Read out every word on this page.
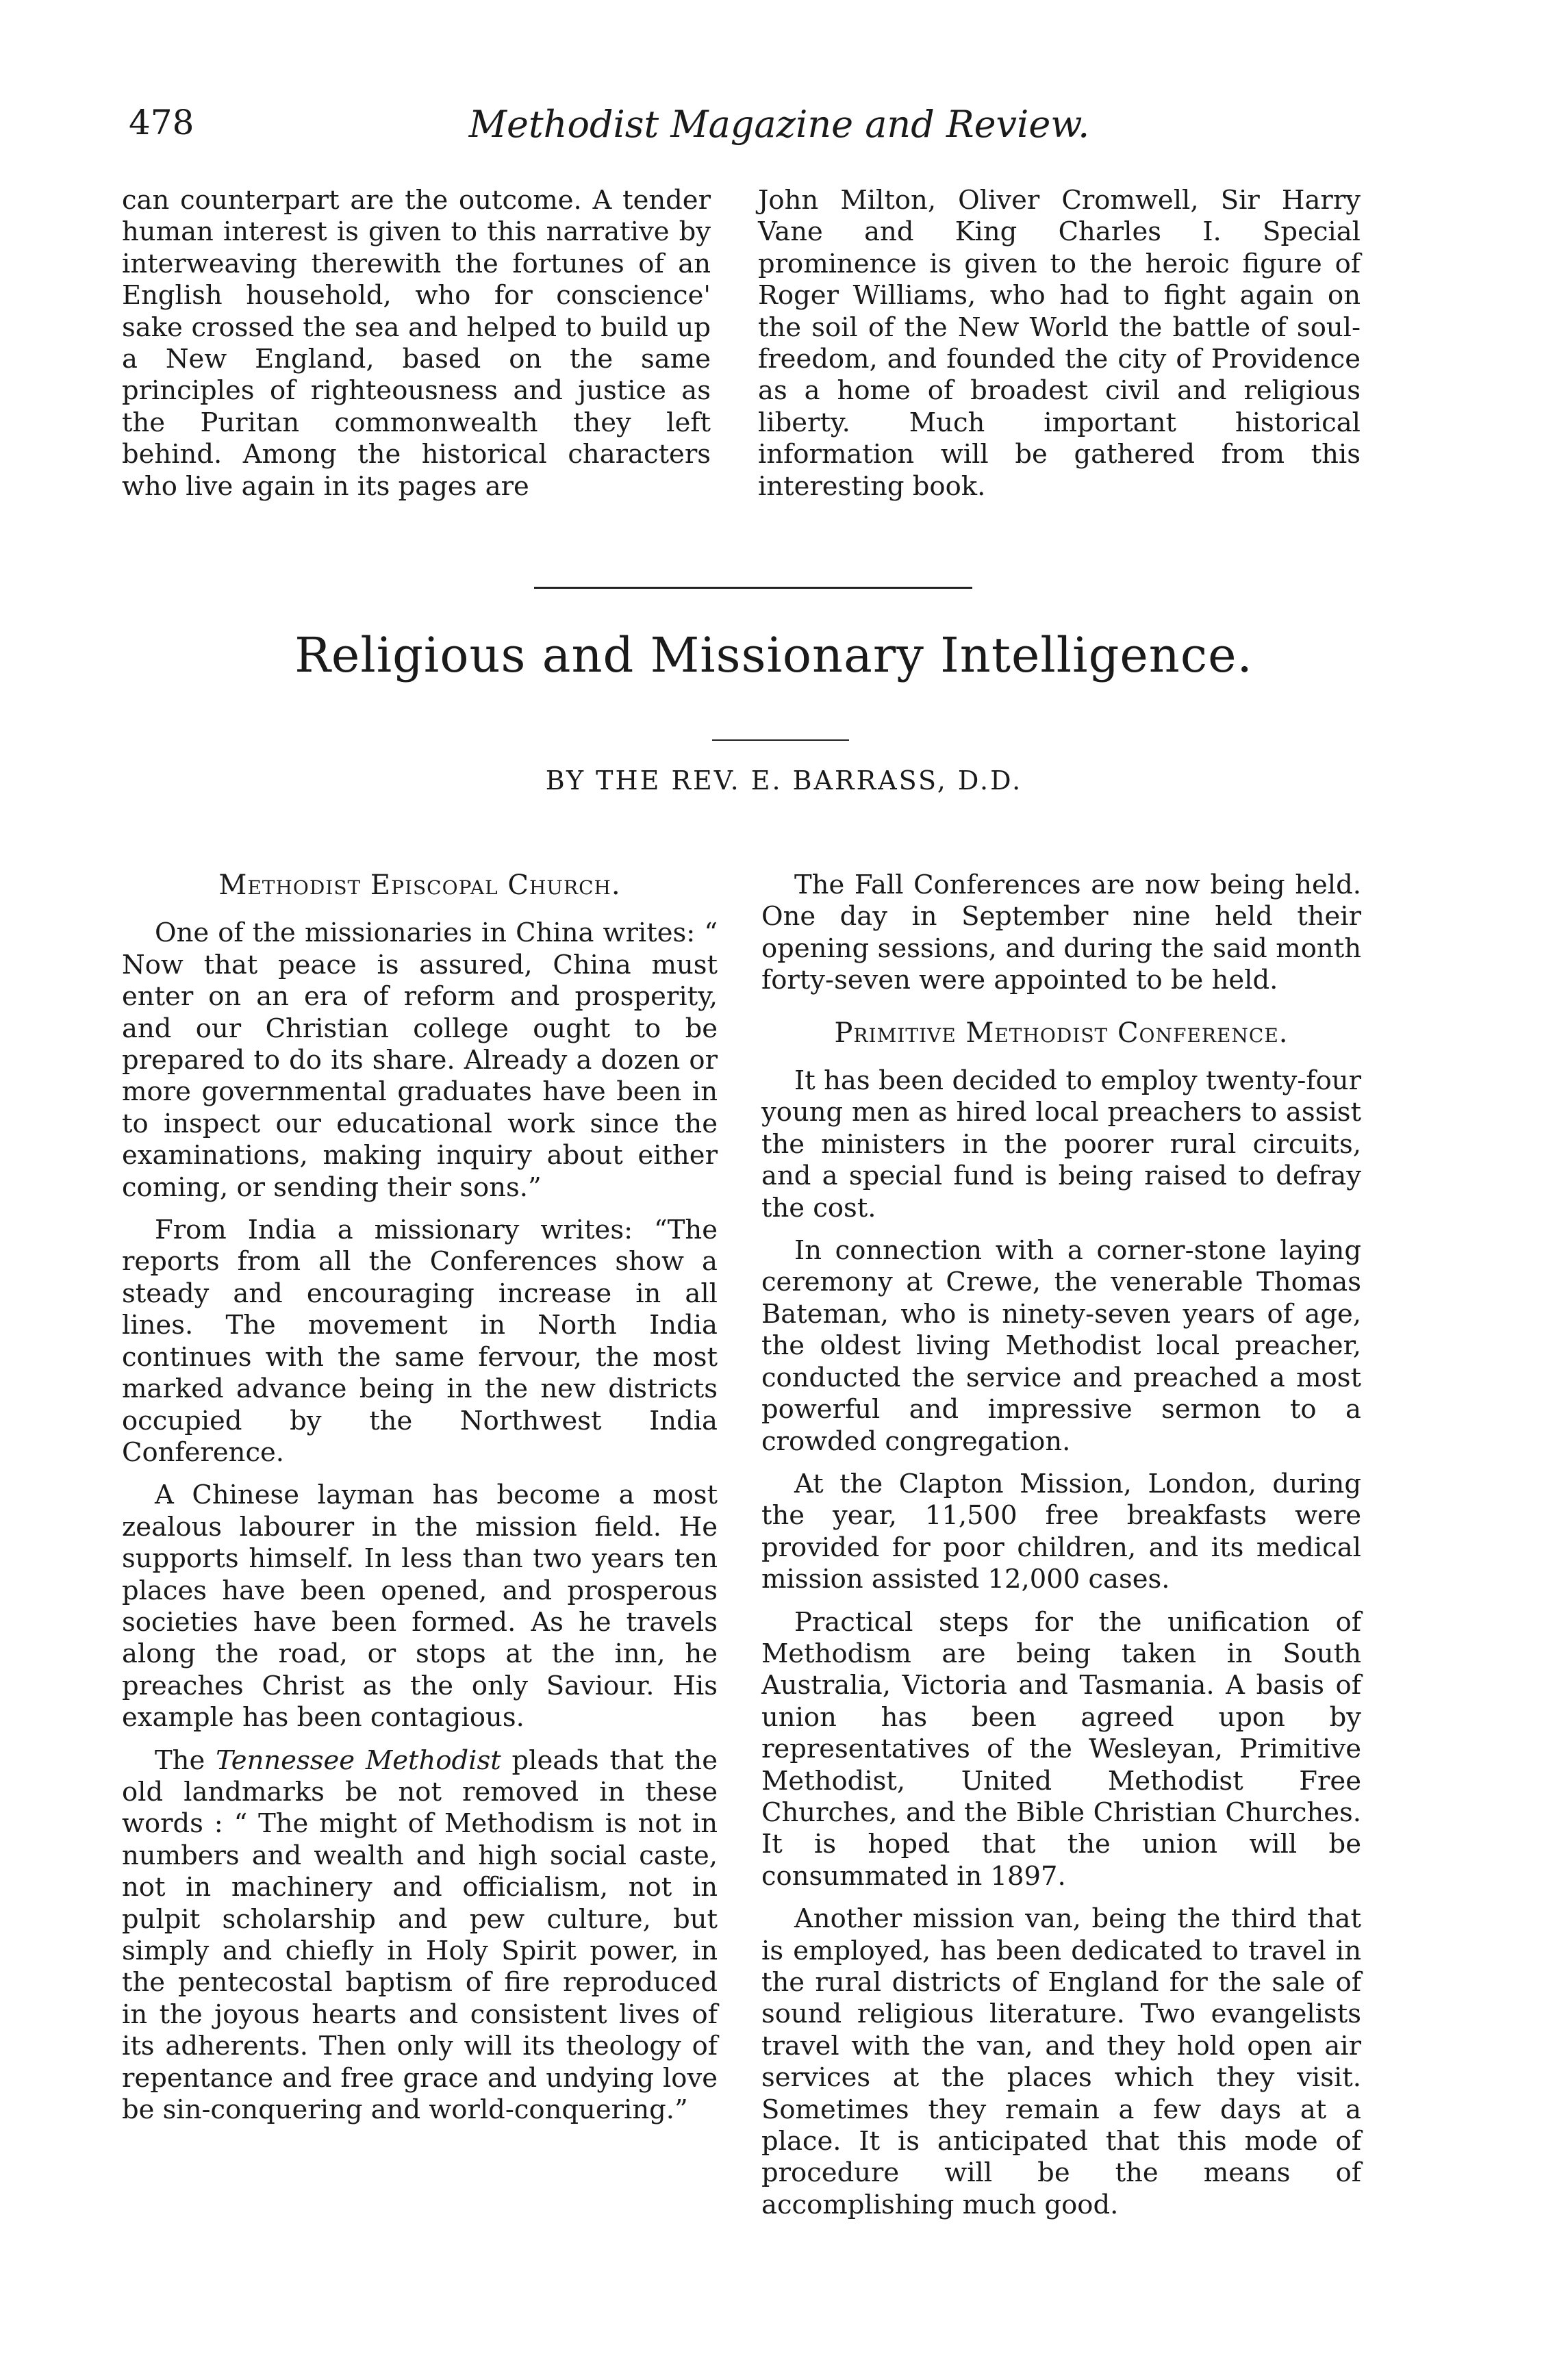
478	Methodist Magazine and Review.

can counterpart are the outcome. A tender human interest is given to this narrative by interweaving therewith the fortunes of an English household, who for conscience' sake crossed the sea and helped to build up a New England, based on the same principles of righteousness and justice as the Puritan commonwealth they left behind. Among the historical characters who live again in its pages are

John Milton, Oliver Cromwell, Sir Harry Vane and King Charles I. Special prominence is given to the heroic figure of Roger Williams, who had to fight again on the soil of the New World the battle of soul-freedom, and founded the city of Providence as a home of broadest civil and religious liberty. Much important historical information will be gathered from this interesting book.

Religious and Missionary Intelligence.
BY THE REV. E. BARRASS, D.D.

Methodist Episcopal Church.

One of the missionaries in China writes: “ Now that peace is assured, China must enter on an era of reform and prosperity, and our Christian college ought to be prepared to do its share. Already a dozen or more governmental graduates have been in to inspect our educational work since the examinations, making inquiry about either coming, or sending their sons.”

From India a missionary writes: “The reports from all the Conferences show a steady and encouraging increase in all lines. The movement in North India continues with the same fervour, the most marked advance being in the new districts occupied by the Northwest India Conference.

A Chinese layman has become a most zealous labourer in the mission field. He supports himself. In less than two years ten places have been opened, and prosperous societies have been formed. As he travels along the road, or stops at the inn, he preaches Christ as the only Saviour. His example has been contagious.

The Tennessee Methodist pleads that the old landmarks be not removed in these words : “ The might of Methodism is not in numbers and wealth and high social caste, not in machinery and officialism, not in pulpit scholarship and pew culture, but simply and chiefly in Holy Spirit power, in the pentecostal baptism of fire reproduced in the joyous hearts and consistent lives of its adherents. Then only will its theology of repentance and free grace and undying love be sin-conquering and world-conquering.”

The Fall Conferences are now being held. One day in September nine held their opening sessions, and during the said month forty-seven were appointed to be held.

Primitive Methodist Conference.

It has been decided to employ twenty-four young men as hired local preachers to assist the ministers in the poorer rural circuits, and a special fund is being raised to defray the cost.

In connection with a corner-stone laying ceremony at Crewe, the venerable Thomas Bateman, who is ninety-seven years of age, the oldest living Methodist local preacher, conducted the service and preached a most powerful and impressive sermon to a crowded congregation.

At the Clapton Mission, London, during the year, 11,500 free breakfasts were provided for poor children, and its medical mission assisted 12,000 cases.

Practical steps for the unification of Methodism are being taken in South Australia, Victoria and Tasmania. A basis of union has been agreed upon by representatives of the Wesleyan, Primitive Methodist, United Methodist Free Churches, and the Bible Christian Churches. It is hoped that the union will be consummated in 1897.

Another mission van, being the third that is employed, has been dedicated to travel in the rural districts of England for the sale of sound religious literature. Two evangelists travel with the van, and they hold open air services at the places which they visit. Sometimes they remain a few days at a place. It is anticipated that this mode of procedure will be the means of accomplishing much good.
